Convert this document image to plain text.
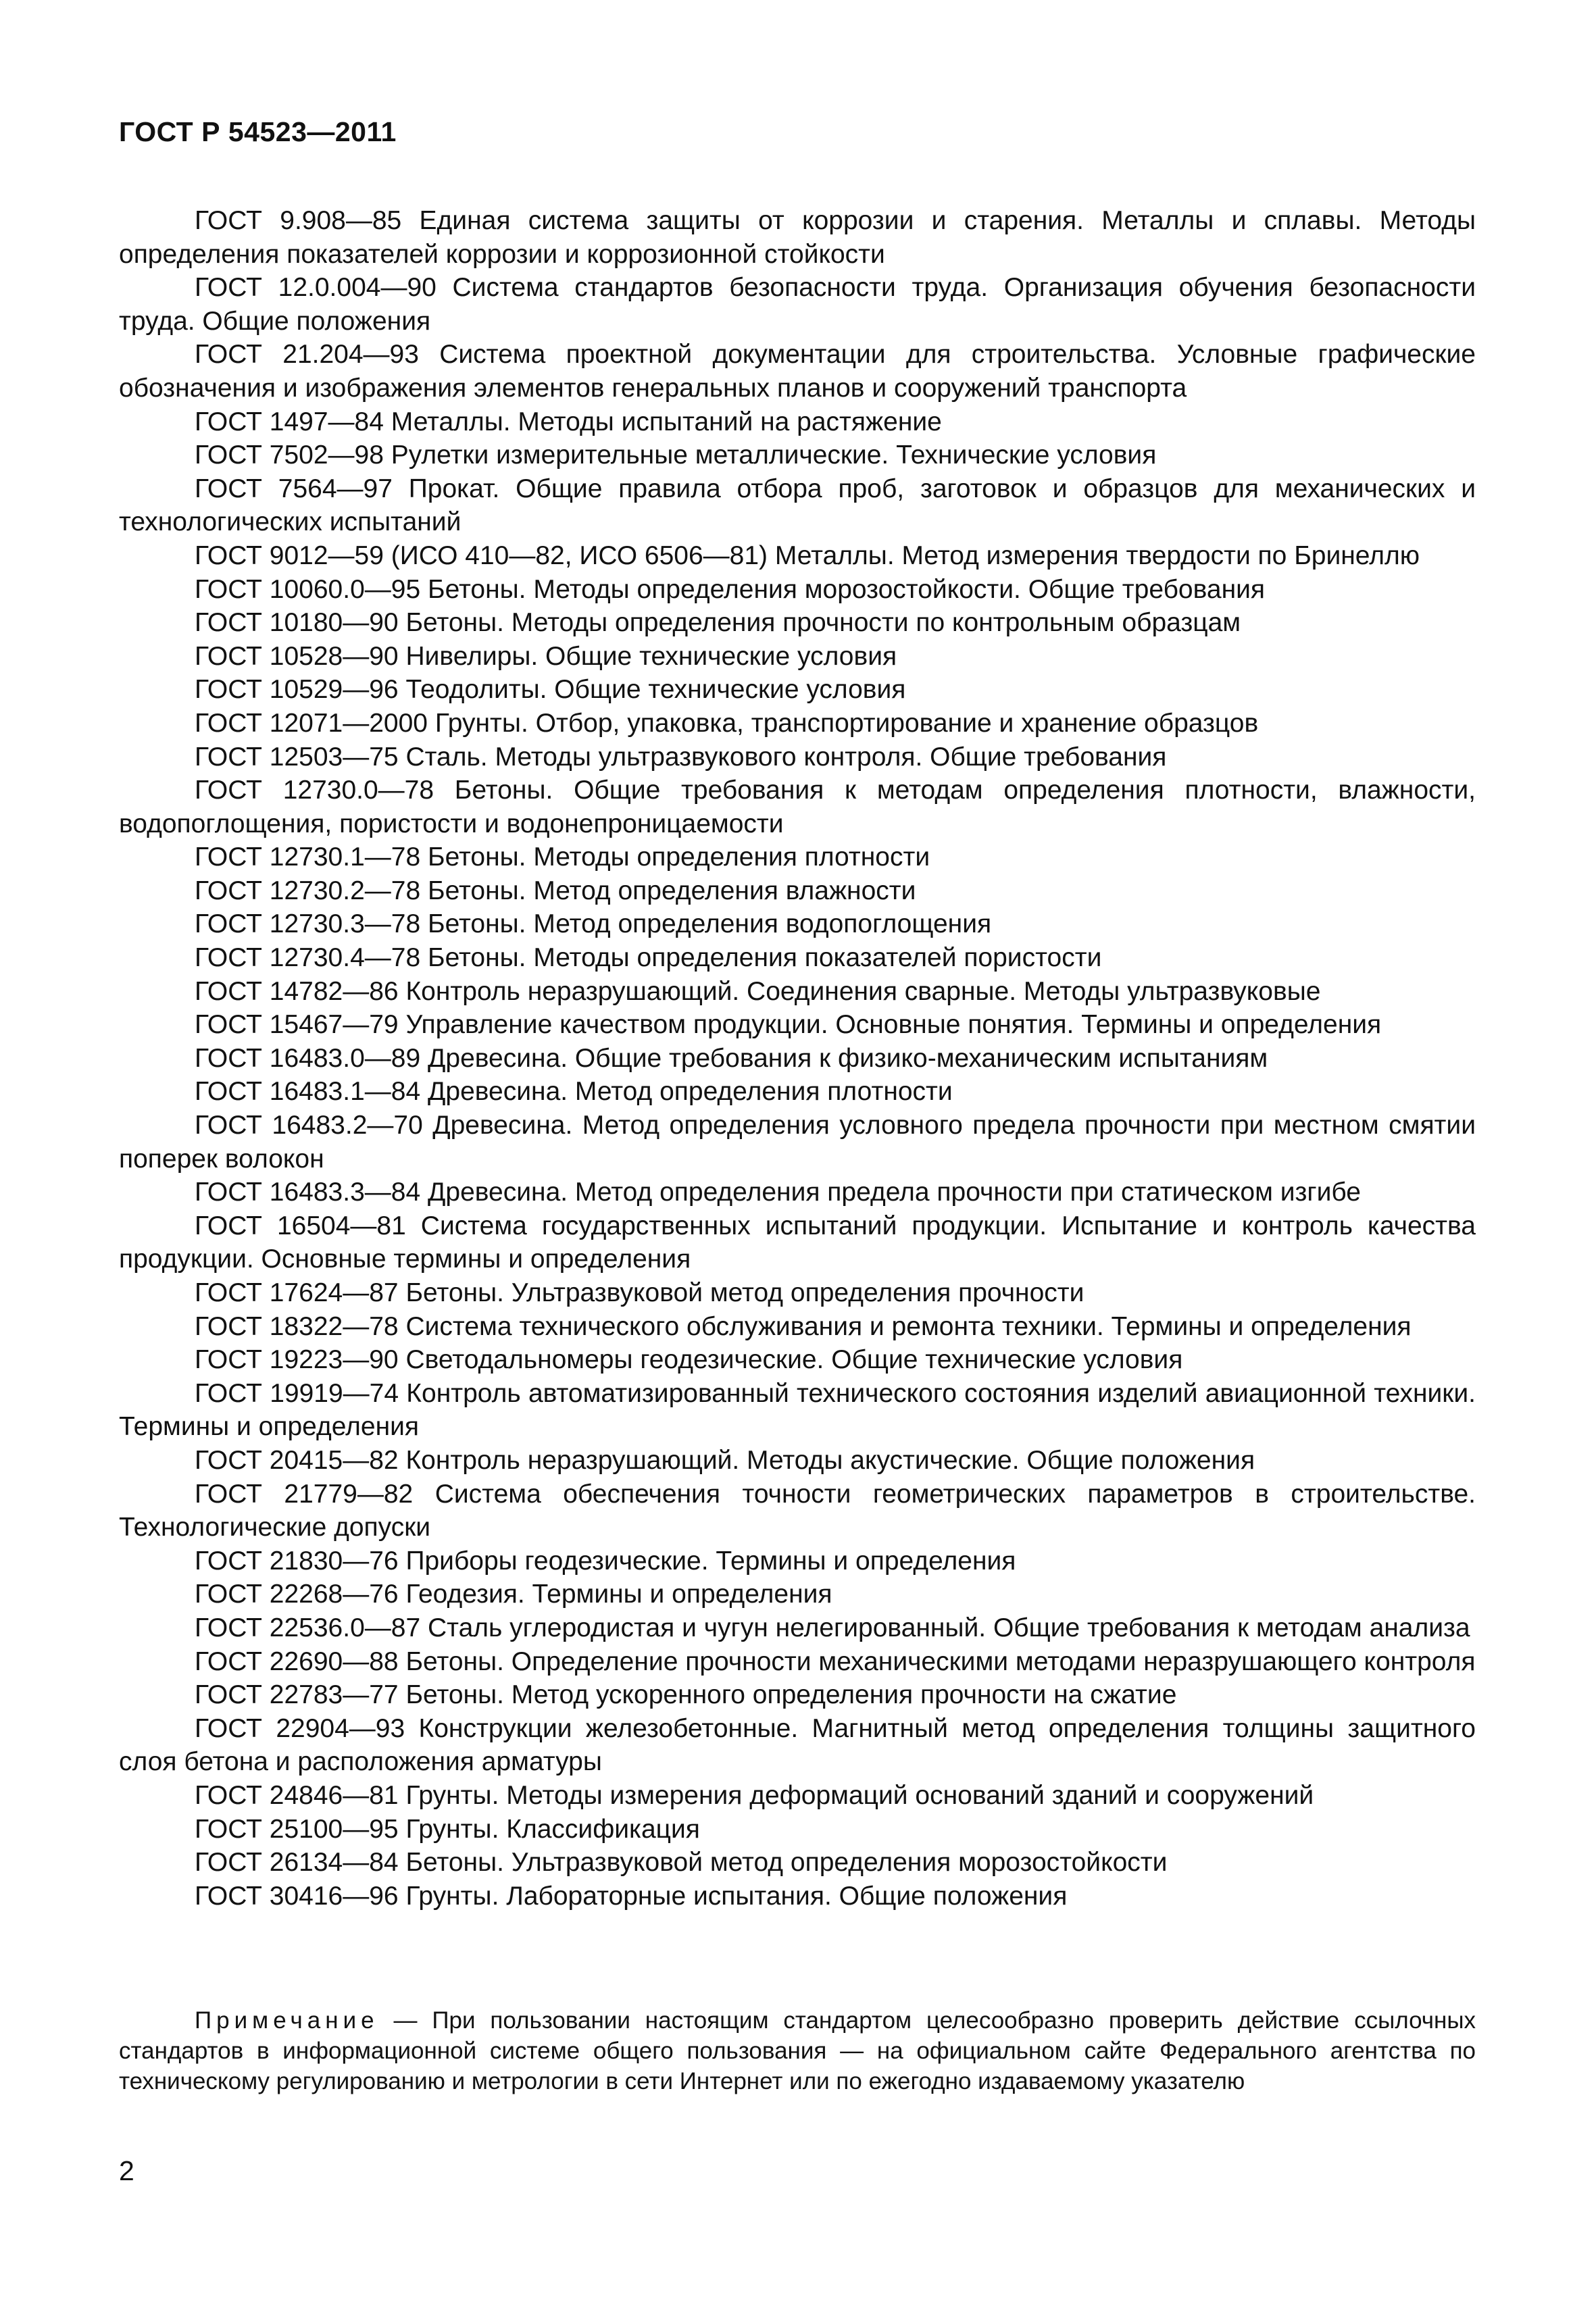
ГОСТ Р 54523—2011

ГОСТ 9.908—85 Единая система защиты от коррозии и старения. Металлы и сплавы. Методы определения показателей коррозии и коррозионной стойкости

ГОСТ 12.0.004—90 Система стандартов безопасности труда. Организация обучения безопасности труда. Общие положения

ГОСТ 21.204—93 Система проектной документации для строительства. Условные графические обозначения и изображения элементов генеральных планов и сооружений транспорта

ГОСТ 1497—84 Металлы. Методы испытаний на растяжение

ГОСТ 7502—98 Рулетки измерительные металлические. Технические условия

ГОСТ 7564—97 Прокат. Общие правила отбора проб, заготовок и образцов для механических и технологических испытаний

ГОСТ 9012—59 (ИСО 410—82, ИСО 6506—81) Металлы. Метод измерения твердости по Бринеллю

ГОСТ 10060.0—95 Бетоны. Методы определения морозостойкости. Общие требования

ГОСТ 10180—90 Бетоны. Методы определения прочности по контрольным образцам

ГОСТ 10528—90 Нивелиры. Общие технические условия

ГОСТ 10529—96 Теодолиты. Общие технические условия

ГОСТ 12071—2000 Грунты. Отбор, упаковка, транспортирование и хранение образцов

ГОСТ 12503—75 Сталь. Методы ультразвукового контроля. Общие требования

ГОСТ 12730.0—78 Бетоны. Общие требования к методам определения плотности, влажности, водопоглощения, пористости и водонепроницаемости

ГОСТ 12730.1—78 Бетоны. Методы определения плотности

ГОСТ 12730.2—78 Бетоны. Метод определения влажности

ГОСТ 12730.3—78 Бетоны. Метод определения водопоглощения

ГОСТ 12730.4—78 Бетоны. Методы определения показателей пористости

ГОСТ 14782—86 Контроль неразрушающий. Соединения сварные. Методы ультразвуковые

ГОСТ 15467—79 Управление качеством продукции. Основные понятия. Термины и определения

ГОСТ 16483.0—89 Древесина. Общие требования к физико-механическим испытаниям

ГОСТ 16483.1—84 Древесина. Метод определения плотности

ГОСТ 16483.2—70 Древесина. Метод определения условного предела прочности при местном смятии поперек волокон

ГОСТ 16483.3—84 Древесина. Метод определения предела прочности при статическом изгибе

ГОСТ 16504—81 Система государственных испытаний продукции. Испытание и контроль качества продукции. Основные термины и определения

ГОСТ 17624—87 Бетоны. Ультразвуковой метод определения прочности

ГОСТ 18322—78 Система технического обслуживания и ремонта техники. Термины и определения

ГОСТ 19223—90 Светодальномеры геодезические. Общие технические условия

ГОСТ 19919—74 Контроль автоматизированный технического состояния изделий авиационной техники. Термины и определения

ГОСТ 20415—82 Контроль неразрушающий. Методы акустические. Общие положения

ГОСТ 21779—82 Система обеспечения точности геометрических параметров в строительстве. Технологические допуски

ГОСТ 21830—76 Приборы геодезические. Термины и определения

ГОСТ 22268—76 Геодезия. Термины и определения

ГОСТ 22536.0—87 Сталь углеродистая и чугун нелегированный. Общие требования к методам анализа

ГОСТ 22690—88 Бетоны. Определение прочности механическими методами неразрушающего контроля

ГОСТ 22783—77 Бетоны. Метод ускоренного определения прочности на сжатие

ГОСТ 22904—93 Конструкции железобетонные. Магнитный метод определения толщины защитного слоя бетона и расположения арматуры

ГОСТ 24846—81 Грунты. Методы измерения деформаций оснований зданий и сооружений

ГОСТ 25100—95 Грунты. Классификация

ГОСТ 26134—84 Бетоны. Ультразвуковой метод определения морозостойкости

ГОСТ 30416—96 Грунты. Лабораторные испытания. Общие положения

Примечание — При пользовании настоящим стандартом целесообразно проверить действие ссылочных стандартов в информационной системе общего пользования — на официальном сайте Федерального агентства по техническому регулированию и метрологии в сети Интернет или по ежегодно издаваемому указателю

2
